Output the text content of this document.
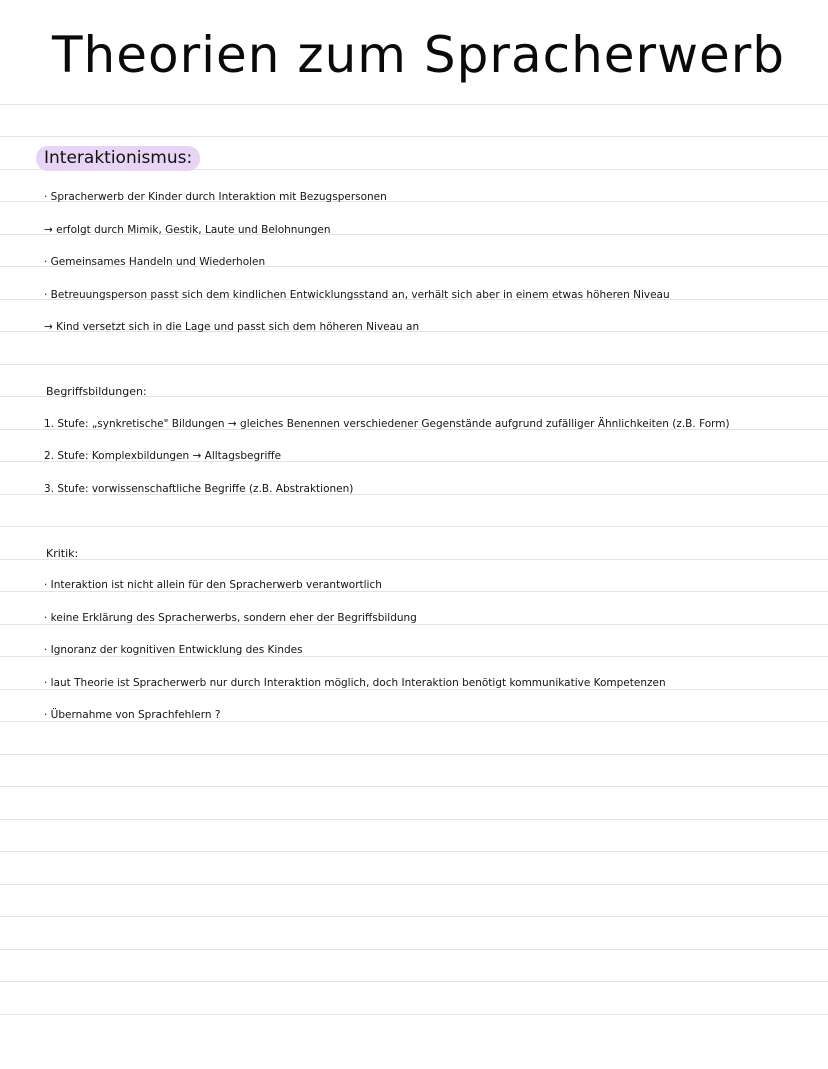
Theorien zum Spracherwerb
Interaktionismus:
· Spracherwerb der Kinder durch Interaktion mit Bezugspersonen
→ erfolgt durch Mimik, Gestik, Laute und Belohnungen
· Gemeinsames Handeln und Wiederholen
· Betreuungsperson passt sich dem kindlichen Entwicklungsstand an, verhält sich aber in einem etwas höheren Niveau
→ Kind versetzt sich in die Lage und passt sich dem höheren Niveau an
Begriffsbildungen:
1. Stufe: „synkretische" Bildungen → gleiches Benennen verschiedener Gegenstände aufgrund zufälliger Ähnlichkeiten (z.B. Form)
2. Stufe: Komplexbildungen → Alltagsbegriffe
3. Stufe: vorwissenschaftliche Begriffe (z.B. Abstraktionen)
Kritik:
· Interaktion ist nicht allein für den Spracherwerb verantwortlich
· keine Erklärung des Spracherwerbs, sondern eher der Begriffsbildung
· Ignoranz der kognitiven Entwicklung des Kindes
· laut Theorie ist Spracherwerb nur durch Interaktion möglich, doch Interaktion benötigt kommunikative Kompetenzen
· Übernahme von Sprachfehlern ?
